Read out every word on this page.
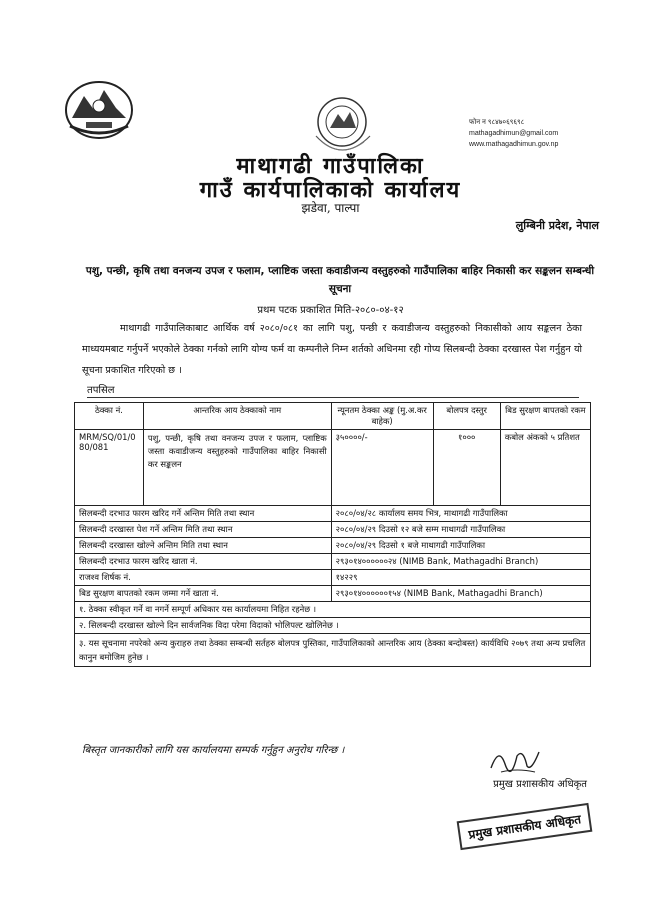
फोन न ९८४७०६९६९८
mathagadhimun@gmail.com
www.mathagadhimun.gov.np
माथागढी गाउँपालिका
गाउँ कार्यपालिकाको कार्यालय
झडेवा, पाल्पा
लुम्बिनी प्रदेश, नेपाल
पशु, पन्छी, कृषि तथा वनजन्य उपज र फलाम, प्लाष्टिक जस्ता कवाडीजन्य वस्तुहरुको गाउँपालिका बाहिर निकासी कर सङ्कलन सम्बन्धी सूचना
प्रथम पटक प्रकाशित मिति-२०८०-०४-१२
माथागढी गाउँपालिकाबाट आर्थिक वर्ष २०८०/०८१ का लागि पशु, पन्छी र कवाडीजन्य वस्तुहरुको निकासीको आय सङ्कलन ठेका माध्ययमबाट गर्नुपर्ने भएकोले ठेक्का गर्नको लागि योग्य फर्म वा कम्पनीले निम्न शर्तको अधिनमा रही गोप्य सिलबन्दी ठेक्का दरखास्त पेश गर्नुहुन यो सूचना प्रकाशित गरिएको छ ।
तपसिल
ठेक्का नं.	आन्तरिक आय ठेक्काको नाम	न्यूनतम ठेक्का अङ्क (मु.अ.कर बाहेक)	बोलपत्र दस्तुर	बिड सुरक्षण बापतको रकम
MRM/SQ/01/080/081	पशु, पन्छी, कृषि तथा वनजन्य उपज र फलाम, प्लाष्टिक जस्ता कवाडीजन्य वस्तुहरुको गाउँपालिका बाहिर निकासी कर सङ्कलन	३५००००/-	१०००	कबोल अंकको ५ प्रतिशत
सिलबन्दी दरभाउ फारम खरिद गर्ने अन्तिम मिति तथा स्थान		२०८०/०४/२८ कार्यालय समय भित्र, माथागढी गाउँपालिका		
सिलबन्दी दरखास्त पेश गर्ने अन्तिम मिति तथा स्थान		२०८०/०४/२९ दिउसो १२ बजे सम्म माथागढी गाउँपालिका		
सिलबन्दी दरखास्त खोल्ने अन्तिम मिति तथा स्थान		२०८०/०४/२९ दिउसो १ बजे माथागढी गाउँपालिका		
सिलबन्दी दरभाउ फारम खरिद खाता नं.		२९३०१४००००००२४ (NIMB Bank, Mathagadhi Branch)		
राजश्व शिर्षक नं.		१४२२९		
बिड सुरक्षण बापतको रकम जम्मा गर्ने खाता नं.		२९३०१४००००००१५४ (NIMB Bank, Mathagadhi Branch)		
१. ठेक्का स्वीकृत गर्ने वा नगर्ने सम्पूर्ण अधिकार यस कार्यालयमा निहित रहनेछ ।				
२. सिलबन्दी दरखास्त खोल्ने दिन सार्वजनिक विदा परेमा विदाको भोलिपल्ट खोलिनेछ ।				
३. यस सूचनामा नपरेको अन्य कुराहरु तथा ठेक्का सम्बन्धी सर्तहरु बोलपत्र पुस्तिका, गाउँपालिकाको आन्तरिक आय (ठेक्का बन्दोबस्त) कार्यविधि २०७९ तथा अन्य प्रचलित कानुन बमोजिम हुनेछ ।				
बिस्तृत जानकारीको लागि यस कार्यालयमा सम्पर्क गर्नुहुन अनुरोध गरिन्छ ।
प्रमुख प्रशासकीय अधिकृत
प्रमुख प्रशासकीय अधिकृत
